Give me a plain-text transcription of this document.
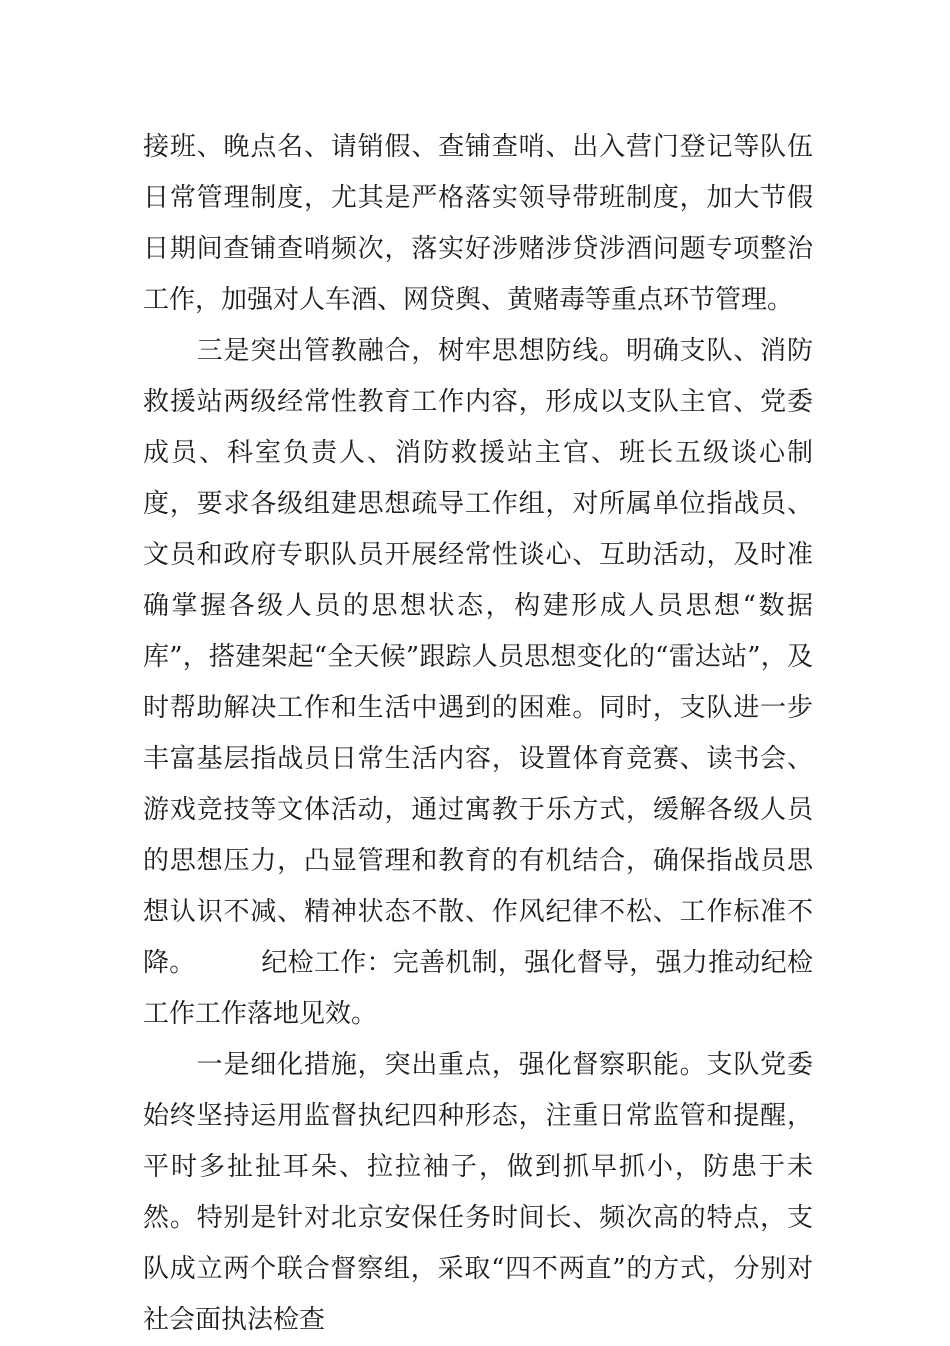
接班、晚点名、请销假、查铺查哨、出入营门登记等队伍日常管理制度，尤其是严格落实领导带班制度，加大节假日期间查铺查哨频次，落实好涉赌涉贷涉酒问题专项整治工作，加强对人车酒、网贷舆、黄赌毒等重点环节管理。

　　三是突出管教融合，树牢思想防线。明确支队、消防救援站两级经常性教育工作内容，形成以支队主官、党委成员、科室负责人、消防救援站主官、班长五级谈心制度，要求各级组建思想疏导工作组，对所属单位指战员、文员和政府专职队员开展经常性谈心、互助活动，及时准确掌握各级人员的思想状态，构建形成人员思想“数据库”，搭建架起“全天候”跟踪人员思想变化的“雷达站”，及时帮助解决工作和生活中遇到的困难。同时，支队进一步丰富基层指战员日常生活内容，设置体育竞赛、读书会、游戏竞技等文体活动，通过寓教于乐方式，缓解各级人员的思想压力，凸显管理和教育的有机结合，确保指战员思想认识不减、精神状态不散、作风纪律不松、工作标准不降。　　　纪检工作：完善机制，强化督导，强力推动纪检工作工作落地见效。

　　一是细化措施，突出重点，强化督察职能。支队党委始终坚持运用监督执纪四种形态，注重日常监管和提醒，平时多扯扯耳朵、拉拉袖子，做到抓早抓小，防患于未然。特别是针对北京安保任务时间长、频次高的特点，支队成立两个联合督察组，采取“四不两直”的方式，分别对社会面执法检查
